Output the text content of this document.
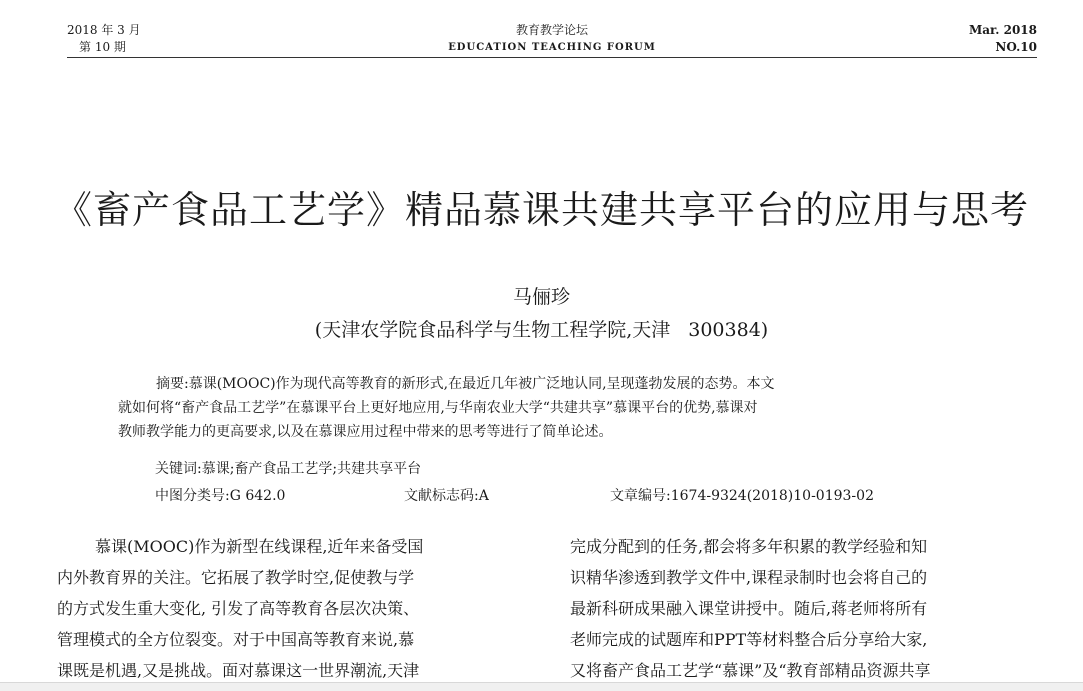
2018 年 3 月
第 10 期
教育教学论坛
EDUCATION TEACHING FORUM
Mar. 2018
NO.10
《畜产食品工艺学》精品慕课共建共享平台的应用与思考
马俪珍
(天津农学院食品科学与生物工程学院,天津 300384)
摘要:慕课(MOOC)作为现代高等教育的新形式,在最近几年被广泛地认同,呈现蓬勃发展的态势。本文
就如何将“畜产食品工艺学”在慕课平台上更好地应用,与华南农业大学“共建共享”慕课平台的优势,慕课对
教师教学能力的更高要求,以及在慕课应用过程中带来的思考等进行了简单论述。
关键词:慕课;畜产食品工艺学;共建共享平台
中图分类号:G 642.0	文献标志码:A	文章编号:1674-9324(2018)10-0193-02
慕课(MOOC)作为新型在线课程,近年来备受国
内外教育界的关注。它拓展了教学时空,促使教与学
的方式发生重大变化, 引发了高等教育各层次决策、
管理模式的全方位裂变。对于中国高等教育来说,慕
课既是机遇,又是挑战。面对慕课这一世界潮流,天津
完成分配到的任务,都会将多年积累的教学经验和知
识精华渗透到教学文件中,课程录制时也会将自己的
最新科研成果融入课堂讲授中。随后,蒋老师将所有
老师完成的试题库和PPT等材料整合后分享给大家,
又将畜产食品工艺学“慕课”及“教育部精品资源共享
